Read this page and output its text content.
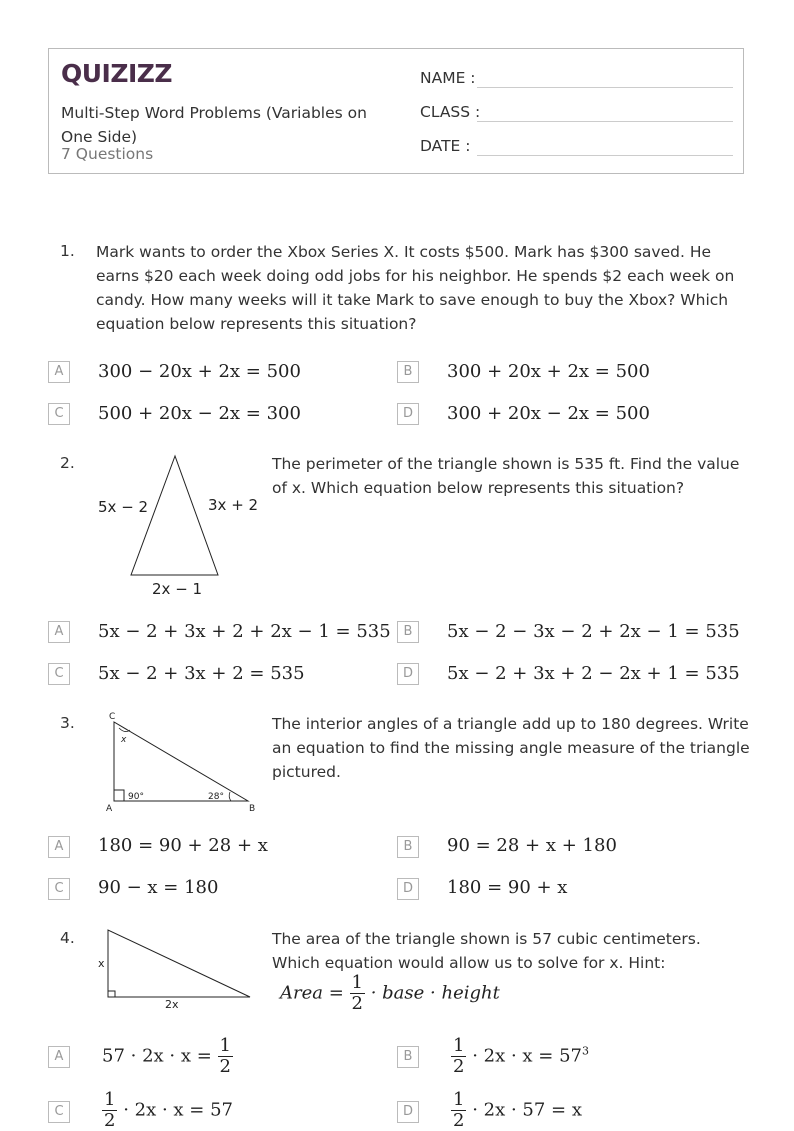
QUIZIZZ
Multi-Step Word Problems (Variables on One Side)
7 Questions
NAME :
CLASS :
DATE :
1. Mark wants to order the Xbox Series X. It costs $500. Mark has $300 saved. He earns $20 each week doing odd jobs for his neighbor. He spends $2 each week on candy. How many weeks will it take Mark to save enough to buy the Xbox? Which equation below represents this situation?
A	300 − 20x + 2x = 500	B	300 + 20x + 2x = 500
C	500 + 20x − 2x = 300	D	300 + 20x − 2x = 500
2.
5x − 2	3x + 2
2x − 1
The perimeter of the triangle shown is 535 ft. Find the value of x. Which equation below represents this situation?
A	5x − 2 + 3x + 2 + 2x − 1 = 535 B	5x − 2 − 3x − 2 + 2x − 1 = 535
C	5x − 2 + 3x + 2 = 535	D	5x − 2 + 3x + 2 − 2x + 1 = 535
3.	C
A	B
x
90°	28°
The interior angles of a triangle add up to 180 degrees. Write an equation to find the missing angle measure of the triangle pictured.
A	180 = 90 + 28 + x	B	90 = 28 + x + 180
C	90 − x = 180	D	180 = 90 + x
4.
x
2x
The area of the triangle shown is 57 cubic centimeters. Which equation would allow us to solve for x. Hint:
Area = $\frac{1}{2}$ · base · height
A	$57 \cdot 2x \cdot x = \frac{1}{2}$	B	$\frac{1}{2} \cdot 2x \cdot x = 57^3$
C	$\frac{1}{2} \cdot 2x \cdot x = 57$	D	$\frac{1}{2} \cdot 2x \cdot 57 = x$
